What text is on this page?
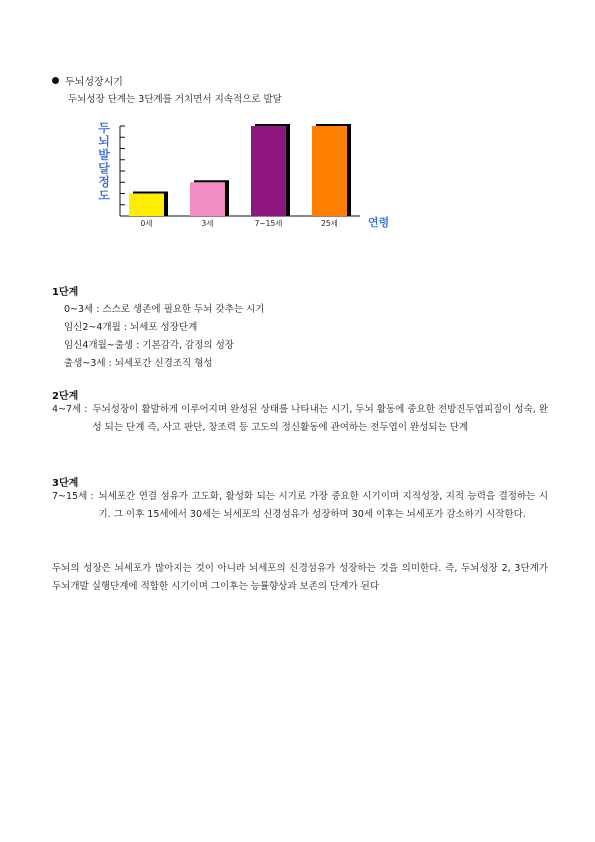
두뇌성장시기
두뇌성장 단계는 3단계를 거치면서 지속적으로 발달
두 뇌 발 달 정 도
0세	3세	7~15세	25세	연령
1단계
0~3세 : 스스로 생존에 필요한 두뇌 갖추는 시기
임신2~4개월 : 뇌세포 성장단계
임신4개월~출생 : 기본감각, 감정의 성장
출생~3세 : 뇌세포간 신경조직 형성
2단계
4~7세 : 두뇌성장이 활발하게 이루어지며 완성된 상태를 나타내는 시기, 두뇌 활동에 중요한 전방진두엽피질이 성숙, 완성 되는 단계 즉, 사고 판단, 창조력 등 고도의 정신활동에 관여하는 전두엽이 완성되는 단계
3단계
7~15세 : 뇌세포간 연결 섬유가 고도화, 활성화 되는 시기로 가장 중요한 시기이며 지적성장, 지적 능력을 결정하는 시기. 그 이후 15세에서 30세는 뇌세포의 신경섬유가 성장하며 30세 이후는 뇌세포가 감소하기 시작한다.
두뇌의 성장은 뇌세포가 많아지는 것이 아니라 뇌세포의 신경섬유가 성장하는 것을 의미한다. 즉, 두뇌성장 2, 3단계가 두뇌개발 실행단계에 적합한 시기이며 그이후는 능률향상과 보존의 단계가 된다
